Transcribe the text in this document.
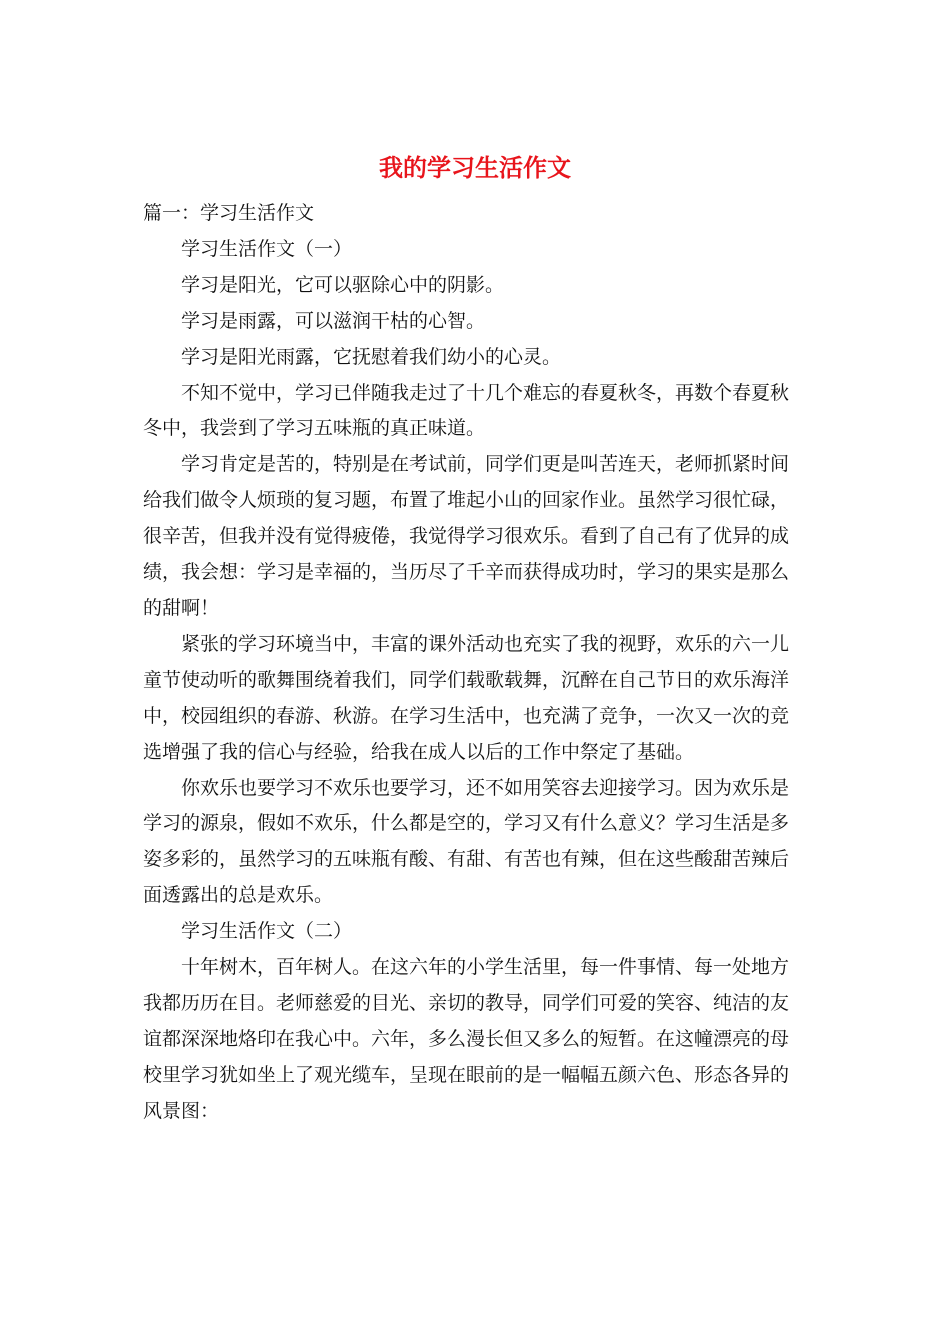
我的学习生活作文

篇一：学习生活作文

学习生活作文（一）

学习是阳光，它可以驱除心中的阴影。

学习是雨露，可以滋润干枯的心智。

学习是阳光雨露，它抚慰着我们幼小的心灵。

不知不觉中，学习已伴随我走过了十几个难忘的春夏秋冬，再数个春夏秋冬中，我尝到了学习五味瓶的真正味道。

学习肯定是苦的，特别是在考试前，同学们更是叫苦连天，老师抓紧时间给我们做令人烦琐的复习题，布置了堆起小山的回家作业。虽然学习很忙碌，很辛苦，但我并没有觉得疲倦，我觉得学习很欢乐。看到了自己有了优异的成绩，我会想：学习是幸福的，当历尽了千辛而获得成功时，学习的果实是那么的甜啊！

紧张的学习环境当中，丰富的课外活动也充实了我的视野，欢乐的六一儿童节使动听的歌舞围绕着我们，同学们载歌载舞，沉醉在自己节日的欢乐海洋中，校园组织的春游、秋游。在学习生活中，也充满了竞争，一次又一次的竞选增强了我的信心与经验，给我在成人以后的工作中祭定了基础。

你欢乐也要学习不欢乐也要学习，还不如用笑容去迎接学习。因为欢乐是学习的源泉，假如不欢乐，什么都是空的，学习又有什么意义？学习生活是多姿多彩的，虽然学习的五味瓶有酸、有甜、有苦也有辣，但在这些酸甜苦辣后面透露出的总是欢乐。

学习生活作文（二）

十年树木，百年树人。在这六年的小学生活里，每一件事情、每一处地方我都历历在目。老师慈爱的目光、亲切的教导，同学们可爱的笑容、纯洁的友谊都深深地烙印在我心中。六年，多么漫长但又多么的短暂。在这幢漂亮的母校里学习犹如坐上了观光缆车，呈现在眼前的是一幅幅五颜六色、形态各异的风景图：
